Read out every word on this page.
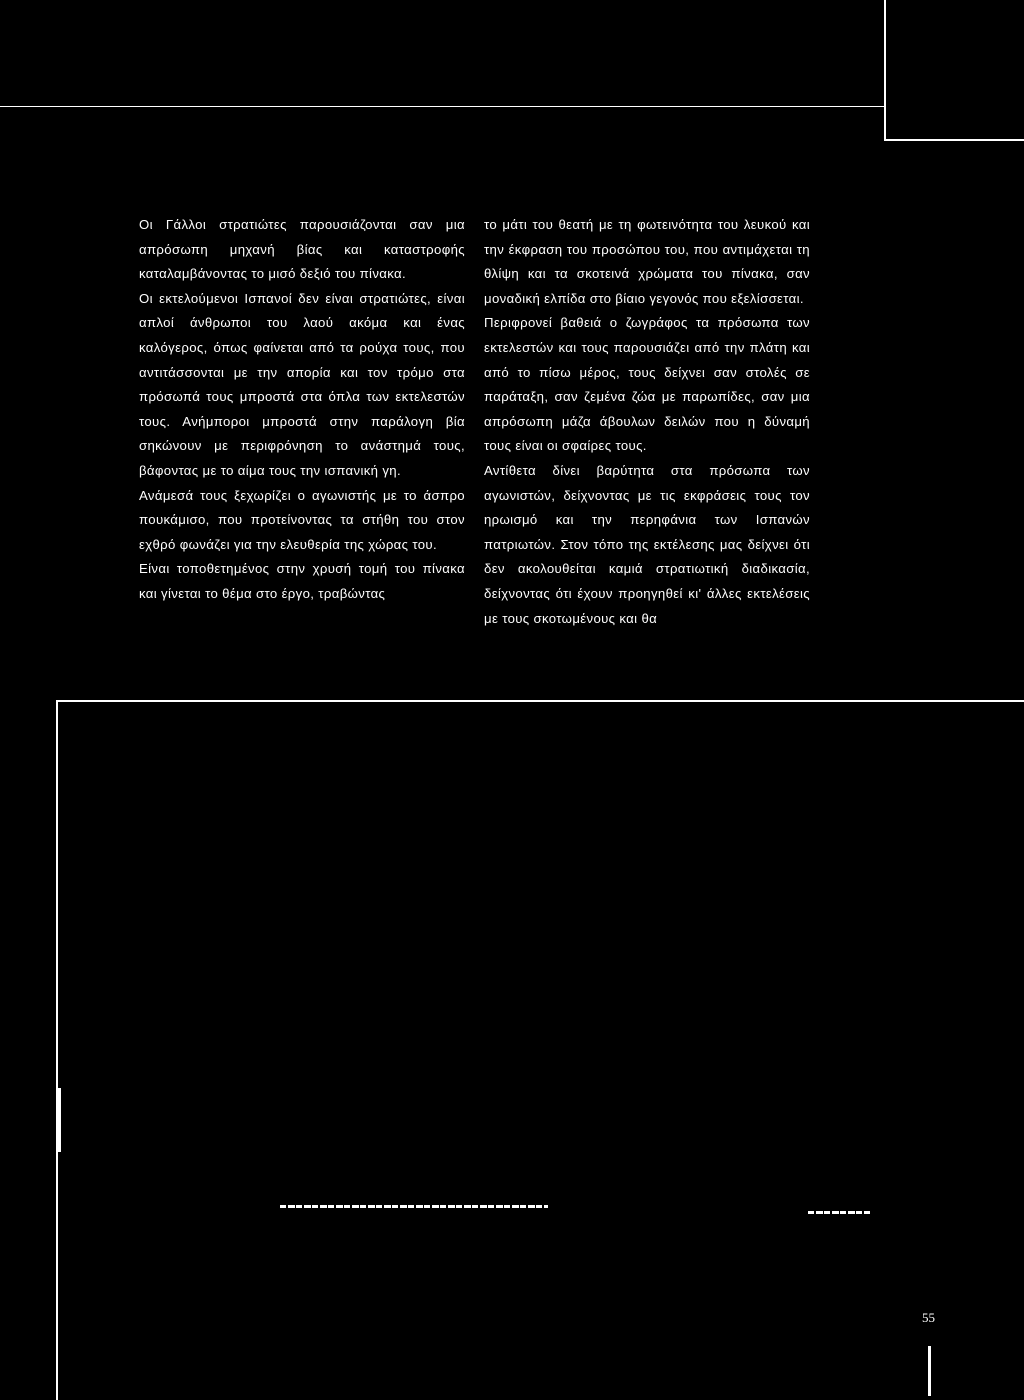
Οι Γάλλοι στρατιώτες παρουσιάζονται σαν μια απρόσωπη μηχανή βίας και καταστροφής καταλαμβάνοντας το μισό δεξιό του πίνακα.

Οι εκτελούμενοι Ισπανοί δεν είναι στρατιώτες, είναι απλοί άνθρωποι του λαού ακόμα και ένας καλόγερος, όπως φαίνεται από τα ρούχα τους, που αντιτάσσονται με την απορία και τον τρόμο στα πρόσωπά τους μπροστά στα όπλα των εκτελεστών τους. Ανήμποροι μπροστά στην παράλογη βία σηκώνουν με περιφρόνηση το ανάστημά τους, βάφοντας με το αίμα τους την ισπανική γη.

Ανάμεσά τους ξεχωρίζει ο αγωνιστής με το άσπρο πουκάμισο, που προτείνοντας τα στήθη του στον εχθρό φωνάζει για την ελευθερία της χώρας του.

Είναι τοποθετημένος στην χρυσή τομή του πίνακα και γίνεται το θέμα στο έργο, τραβώντας

το μάτι του θεατή με τη φωτεινότητα του λευκού και την έκφραση του προσώπου του, που αντιμάχεται τη θλίψη και τα σκοτεινά χρώματα του πίνακα, σαν μοναδική ελπίδα στο βίαιο γεγονός που εξελίσσεται.

Περιφρονεί βαθειά ο ζωγράφος τα πρόσωπα των εκτελεστών και τους παρουσιάζει από την πλάτη και από το πίσω μέρος, τους δείχνει σαν στολές σε παράταξη, σαν ζεμένα ζώα με παρωπίδες, σαν μια απρόσωπη μάζα άβουλων δειλών που η δύναμή τους είναι οι σφαίρες τους.

Αντίθετα δίνει βαρύτητα στα πρόσωπα των αγωνιστών, δείχνοντας με τις εκφράσεις τους τον ηρωισμό και την περηφάνια των Ισπανών πατριωτών. Στον τόπο της εκτέλεσης μας δείχνει ότι δεν ακολουθείται καμιά στρατιωτική διαδικασία, δείχνοντας ότι έχουν προηγηθεί κι' άλλες εκτελέσεις με τους σκοτωμένους και θα

55
